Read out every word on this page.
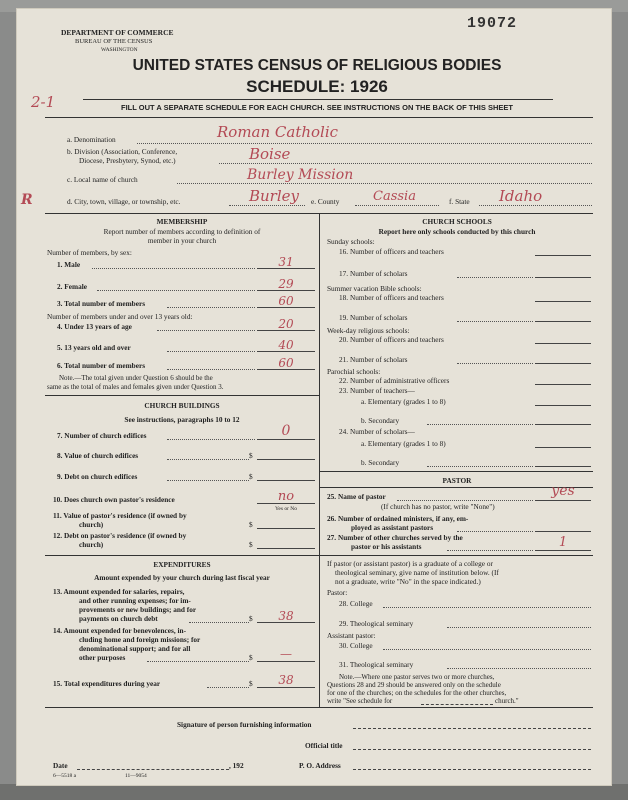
19072
DEPARTMENT OF COMMERCE
BUREAU OF THE CENSUS
WASHINGTON
UNITED STATES CENSUS OF RELIGIOUS BODIES
SCHEDULE: 1926
2-1	FILL OUT A SEPARATE SCHEDULE FOR EACH CHURCH. SEE INSTRUCTIONS ON THE BACK OF THIS SHEET
a. Denomination	Roman Catholic
b. Division (Association, Conference,
Diocese, Presbytery, Synod, etc.)	Boise
c. Local name of church	Burley Mission
R	d. City, town, village, or township, etc.	Burley e. County	Cassia	f. State Idaho
MEMBERSHIP
Report number of members according to definition of
member in your church
Number of members, by sex:
1. Male	31
2. Female	29
3. Total number of members	60
Number of members under and over 13 years old:
4. Under 13 years of age	20
5. 13 years old and over	40
6. Total number of members	60
Note.—The total given under Question 6 should be the
same as the total of males and females given under Question 3.
CHURCH BUILDINGS
See instructions, paragraphs 10 to 12
7. Number of church edifices	0
8. Value of church edifices	$
9. Debt on church edifices	$
10. Does church own pastor's residence	no
Yes or No
11. Value of pastor's residence (if owned by
church)	$
12. Debt on pastor's residence (if owned by
church)	$
EXPENDITURES
Amount expended by your church during last fiscal year
13. Amount expended for salaries, repairs,
and other running expenses; for im-
provements or new buildings; and for
payments on church debt	$	38
14. Amount expended for benevolences, in-
cluding home and foreign missions; for
denominational support; and for all
other purposes	$	—
15. Total expenditures during year	$	38
CHURCH SCHOOLS
Report here only schools conducted by this church
Sunday schools:
16. Number of officers and teachers
17. Number of scholars
Summer vacation Bible schools:
18. Number of officers and teachers
19. Number of scholars
Week-day religious schools:
20. Number of officers and teachers
21. Number of scholars
Parochial schools:
22. Number of administrative officers
23. Number of teachers—
a. Elementary (grades 1 to 8)
b. Secondary
24. Number of scholars—
a. Elementary (grades 1 to 8)
b. Secondary
PASTOR
25. Name of pastor	yes
(If church has no pastor, write "None")
26. Number of ordained ministers, if any, em-
ployed as assistant pastors
27. Number of other churches served by the
pastor or his assistants	1
If pastor (or assistant pastor) is a graduate of a college or
theological seminary, give name of institution below. (If
not a graduate, write "No" in the space indicated.)
Pastor:
28. College
29. Theological seminary
Assistant pastor:
30. College
31. Theological seminary
Note.—Where one pastor serves two or more churches,
Questions 28 and 29 should be answered only on the schedule
for one of the churches; on the schedules for the other churches,
write "See schedule for	church."
Signature of person furnishing information
Official title
Date	, 192	P. O. Address
6—5518 a	11—9054
